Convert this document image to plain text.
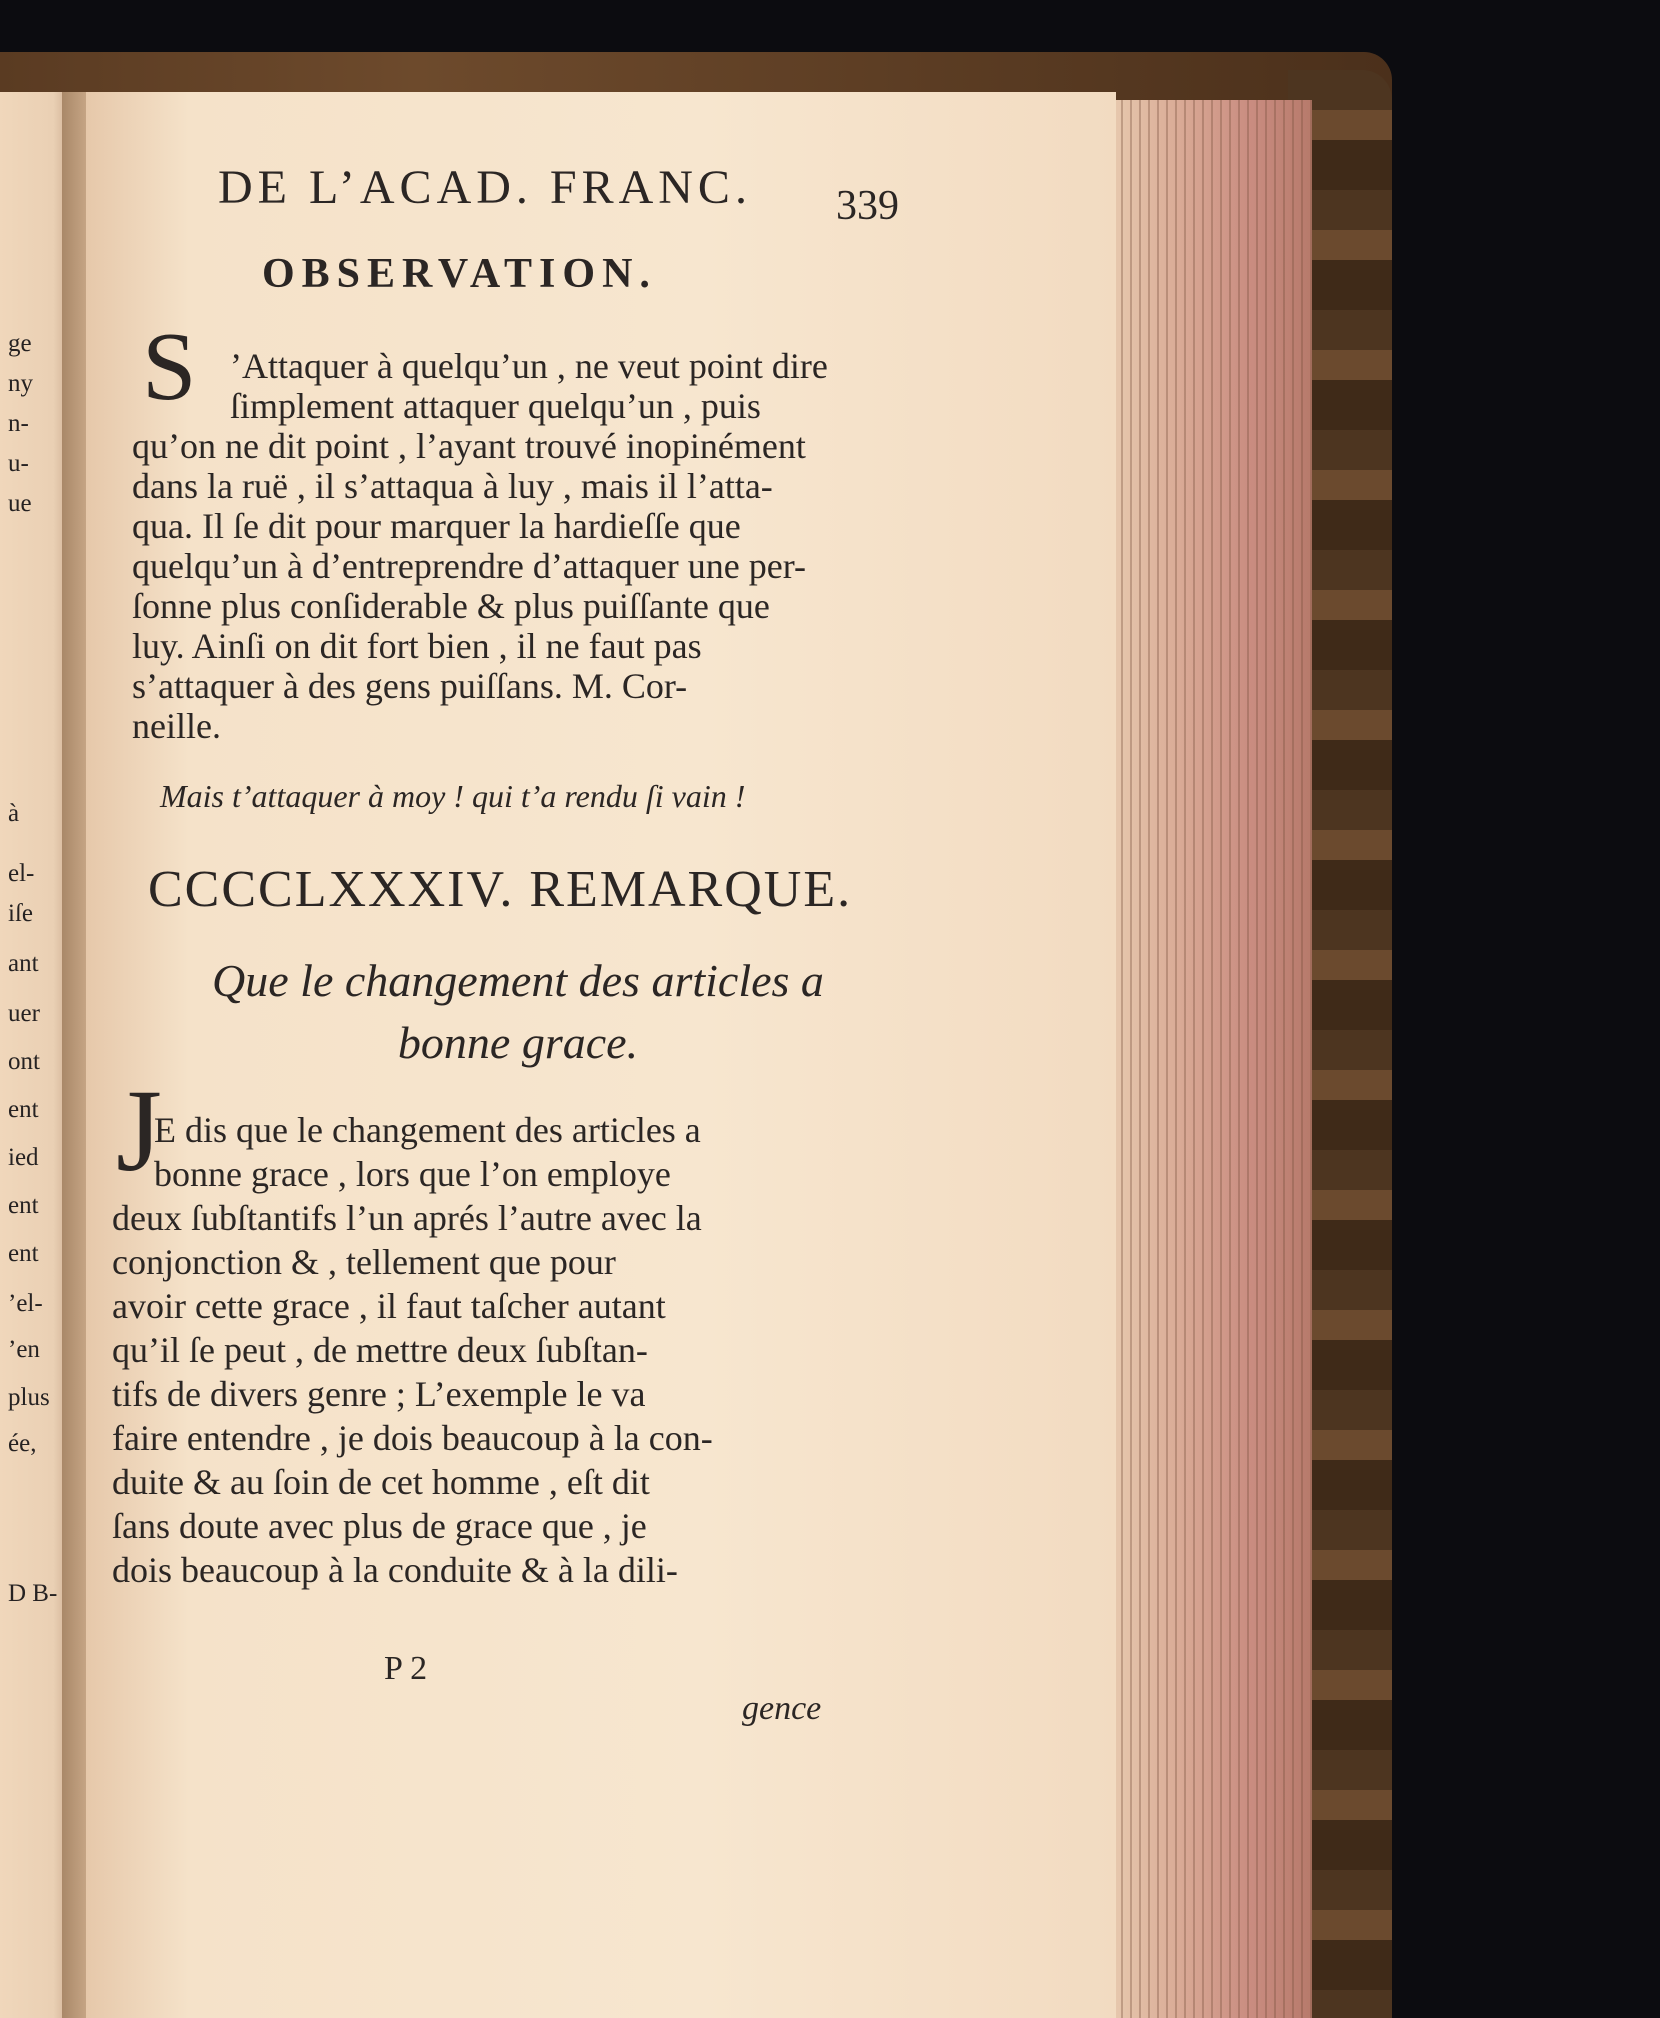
ge
ny
n-
u-
ue
à
el-
iſe
ant
uer
ont
ent
ied
ent
ent
’el-
’en
plus
ée,
D B-
DE L’ACAD. FRANC. 339
OBSERVATION.
S ’Attaquer à quelqu’un , ne veut point dire
ſimplement attaquer quelqu’un , puis
qu’on ne dit point , l’ayant trouvé inopinément
dans la ruë , il s’attaqua à luy , mais il l’atta-
qua. Il ſe dit pour marquer la hardieſſe que
quelqu’un à d’entreprendre d’attaquer une per-
ſonne plus conſiderable & plus puiſſante que
luy. Ainſi on dit fort bien , il ne faut pas
s’attaquer à des gens puiſſans. M. Cor-
neille.
Mais t’attaquer à moy ! qui t’a rendu ſi vain !
CCCCLXXXIV. REMARQUE.
Que le changement des articles a bonne grace.
J
E dis que le changement des articles a
bonne grace , lors que l’on employe
deux ſubſtantifs l’un aprés l’autre avec la
conjonction & , tellement que pour
avoir cette grace , il faut taſcher autant
qu’il ſe peut , de mettre deux ſubſtan-
tifs de divers genre ; L’exemple le va
faire entendre , je dois beaucoup à la con-
duite & au ſoin de cet homme , eſt dit
ſans doute avec plus de grace que , je
dois beaucoup à la conduite & à la dili-
P 2
gence
